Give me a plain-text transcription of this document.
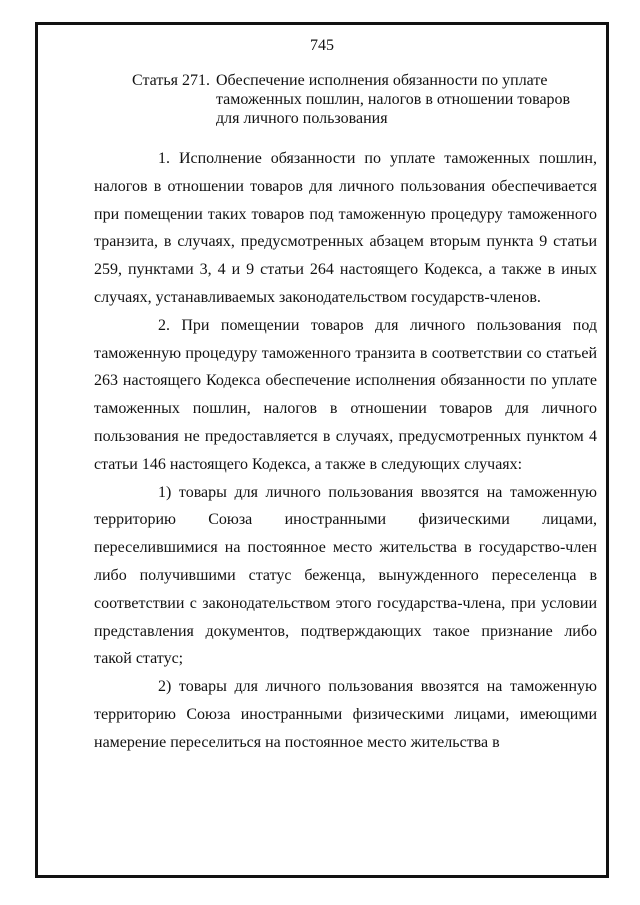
745
Статья 271. Обеспечение исполнения обязанности по уплате таможенных пошлин, налогов в отношении товаров для личного пользования

1. Исполнение обязанности по уплате таможенных пошлин, налогов в отношении товаров для личного пользования обеспечивается при помещении таких товаров под таможенную процедуру таможенного транзита, в случаях, предусмотренных абзацем вторым пункта 9 статьи 259, пунктами 3, 4 и 9 статьи 264 настоящего Кодекса, а также в иных случаях, устанавливаемых законодательством государств-членов.

2. При помещении товаров для личного пользования под таможенную процедуру таможенного транзита в соответствии со статьей 263 настоящего Кодекса обеспечение исполнения обязанности по уплате таможенных пошлин, налогов в отношении товаров для личного пользования не предоставляется в случаях, предусмотренных пунктом 4 статьи 146 настоящего Кодекса, а также в следующих случаях:

1) товары для личного пользования ввозятся на таможенную территорию Союза иностранными физическими лицами, переселившимися на постоянное место жительства в государство-член либо получившими статус беженца, вынужденного переселенца в соответствии с законодательством этого государства-члена, при условии представления документов, подтверждающих такое признание либо такой статус;

2) товары для личного пользования ввозятся на таможенную территорию Союза иностранными физическими лицами, имеющими намерение переселиться на постоянное место жительства в
